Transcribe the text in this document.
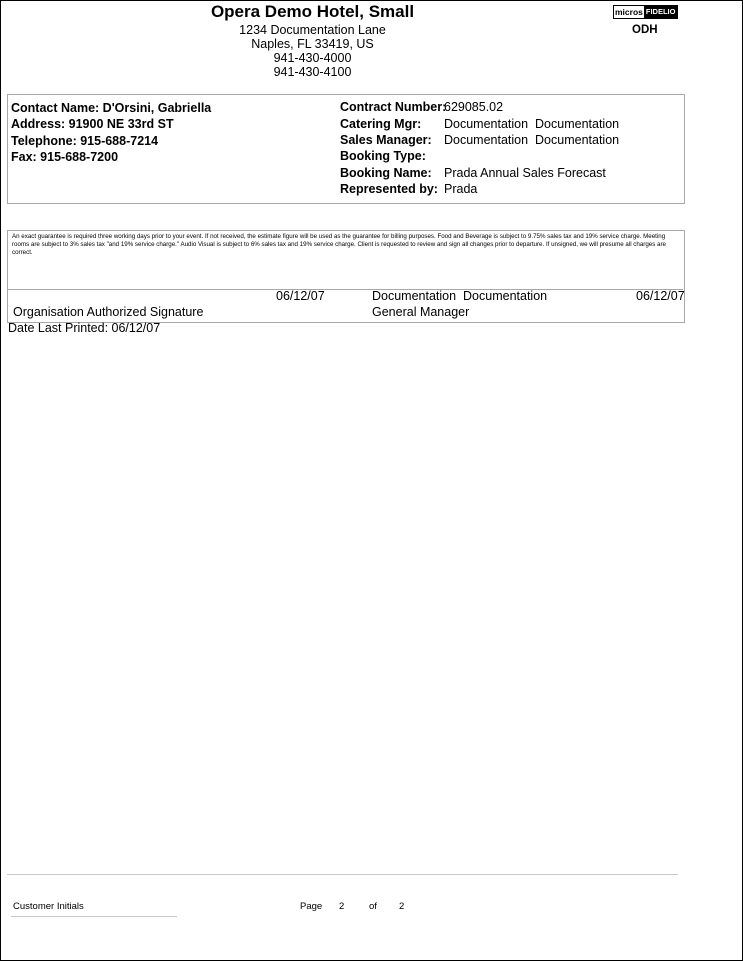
Opera Demo Hotel, Small
1234 Documentation Lane
Naples, FL 33419, US
941-430-4000
941-430-4100
micros FIDELIO
ODH
Contact Name: D'Orsini, Gabriella
Address: 91900 NE 33rd ST
Telephone: 915-688-7214
Fax: 915-688-7200
Contract Number:
629085.02
Catering Mgr: Documentation  Documentation
Sales Manager: Documentation  Documentation
Booking Type:
Booking Name: Prada Annual Sales Forecast
Represented by: Prada
An exact guarantee is required three working days prior to your event. If not received, the estimate figure will be used as the guarantee for billing purposes. Food and Beverage is subject to 9.75% sales tax and 19% service charge. Meeting rooms are subject to 3% sales tax "and 19% service charge." Audio Visual is subject to 6% sales tax and 19% service charge. Client is requested to review and sign all changes prior to departure. If unsigned, we will presume all charges are correct.
06/12/07
Organisation Authorized Signature
Documentation  Documentation	06/12/07
General Manager
Date Last Printed: 06/12/07
Customer Initials	Page 2	of 2
